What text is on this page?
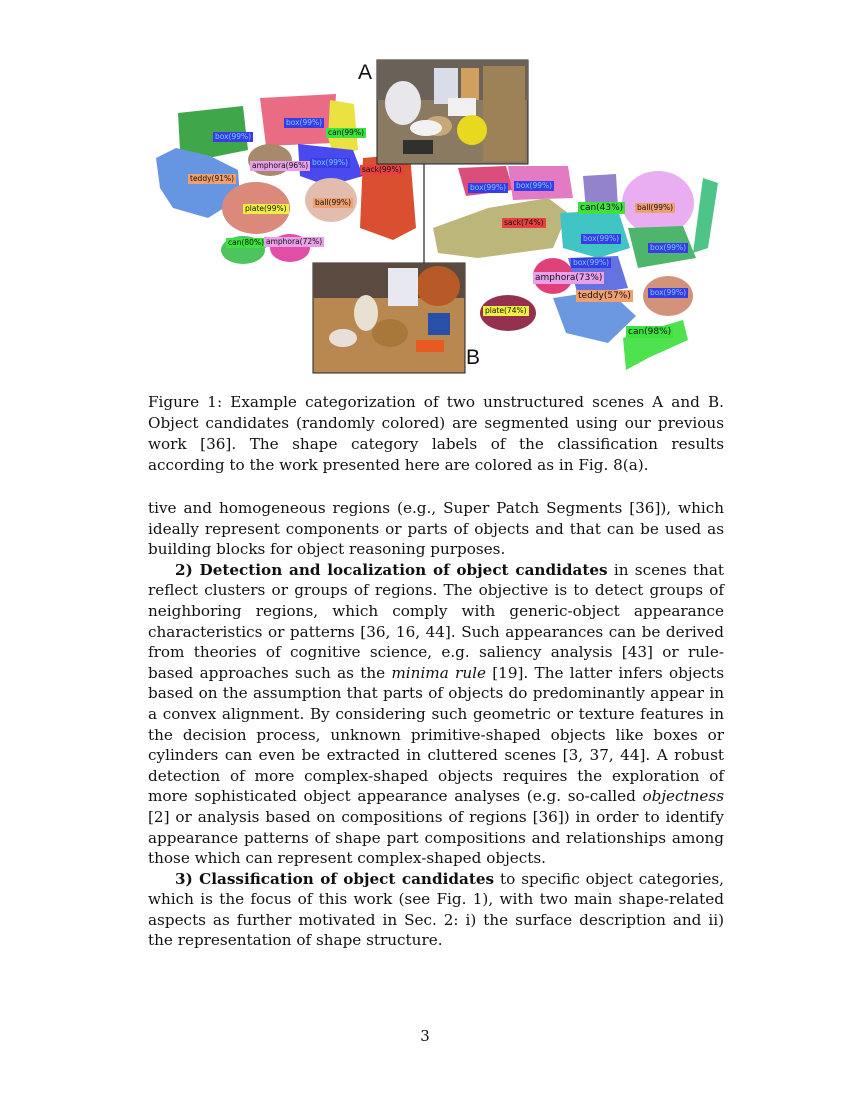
A
B
box(99%)
box(99%)
can(99%)
amphora(96%) box(99%)
sack(99%)
teddy(91%)
ball(99%)
plate(99%)
can(80%) amphora(72%)
box(99%) box(99%)
sack(74%)
can(43%) ball(99%)
box(99%)
box(99%)
box(99%)
amphora(73%)
teddy(57%)	box(99%)
plate(74%)
can(98%)
Figure 1: Example categorization of two unstructured scenes A and B. Object candidates (randomly colored) are segmented using our previous work [36]. The shape category labels of the classification results according to the work presented here are colored as in Fig. 8(a).

tive and homogeneous regions (e.g., Super Patch Segments [36]), which ideally represent components or parts of objects and that can be used as building blocks for object reasoning purposes.

2) Detection and localization of object candidates in scenes that reflect clusters or groups of regions. The objective is to detect groups of neighboring regions, which comply with generic-object appearance characteristics or patterns [36, 16, 44]. Such appearances can be derived from theories of cognitive science, e.g. saliency analysis [43] or rule-based approaches such as the minima rule [19]. The latter infers objects based on the assumption that parts of objects do predominantly appear in a convex alignment. By considering such geometric or texture features in the decision process, unknown primitive-shaped objects like boxes or cylinders can even be extracted in cluttered scenes [3, 37, 44]. A robust detection of more complex-shaped objects requires the exploration of more sophisticated object appearance analyses (e.g. so-called objectness [2] or analysis based on compositions of regions [36]) in order to identify appearance patterns of shape part compositions and relationships among those which can represent complex-shaped objects.

3) Classification of object candidates to specific object categories, which is the focus of this work (see Fig. 1), with two main shape-related aspects as further motivated in Sec. 2: i) the surface description and ii) the representation of shape structure.

3
